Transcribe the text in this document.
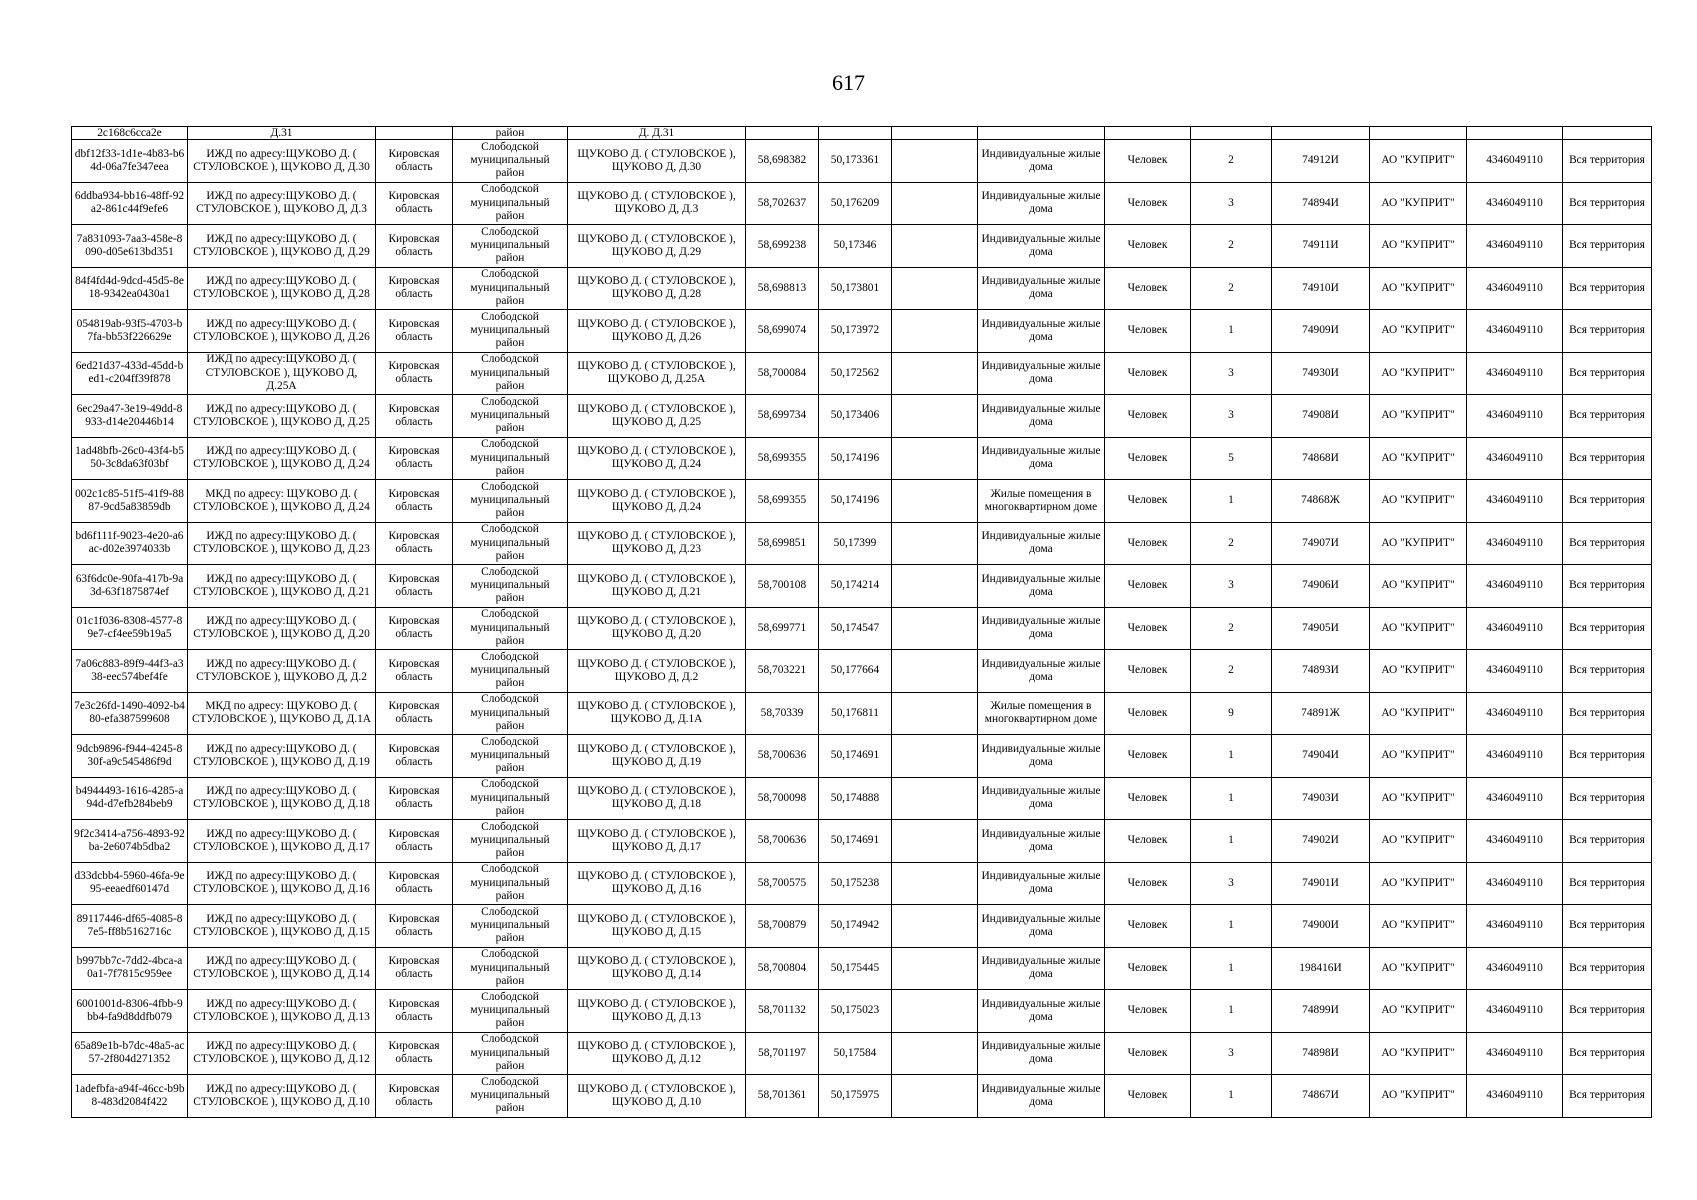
617
2c168c6cca2e	Д.31		район	Д. Д.31										
dbf12f33-1d1e-4b83-b64d-06a7fe347eea	ИЖД по адресу:ЩУКОВО Д. ( СТУЛОВСКОЕ ), ЩУКОВО Д, Д.30	Кировская область	Слободской муниципальный район	ЩУКОВО Д. ( СТУЛОВСКОЕ ), ЩУКОВО Д, Д.30	58,698382	50,173361		Индивидуальные жилые дома	Человек	2	74912И	АО "КУПРИТ"	4346049110	Вся территория
6ddba934-bb16-48ff-92a2-861c44f9efe6	ИЖД по адресу:ЩУКОВО Д. ( СТУЛОВСКОЕ ), ЩУКОВО Д, Д.3	Кировская область	Слободской муниципальный район	ЩУКОВО Д. ( СТУЛОВСКОЕ ), ЩУКОВО Д, Д.3	58,702637	50,176209		Индивидуальные жилые дома	Человек	3	74894И	АО "КУПРИТ"	4346049110	Вся территория
7a831093-7aa3-458e-8090-d05e613bd351	ИЖД по адресу:ЩУКОВО Д. ( СТУЛОВСКОЕ ), ЩУКОВО Д, Д.29	Кировская область	Слободской муниципальный район	ЩУКОВО Д. ( СТУЛОВСКОЕ ), ЩУКОВО Д, Д.29	58,699238	50,17346		Индивидуальные жилые дома	Человек	2	74911И	АО "КУПРИТ"	4346049110	Вся территория
84f4fd4d-9dcd-45d5-8e18-9342ea0430a1	ИЖД по адресу:ЩУКОВО Д. ( СТУЛОВСКОЕ ), ЩУКОВО Д, Д.28	Кировская область	Слободской муниципальный район	ЩУКОВО Д. ( СТУЛОВСКОЕ ), ЩУКОВО Д, Д.28	58,698813	50,173801		Индивидуальные жилые дома	Человек	2	74910И	АО "КУПРИТ"	4346049110	Вся территория
054819ab-93f5-4703-b7fa-bb53f226629e	ИЖД по адресу:ЩУКОВО Д. ( СТУЛОВСКОЕ ), ЩУКОВО Д, Д.26	Кировская область	Слободской муниципальный район	ЩУКОВО Д. ( СТУЛОВСКОЕ ), ЩУКОВО Д, Д.26	58,699074	50,173972		Индивидуальные жилые дома	Человек	1	74909И	АО "КУПРИТ"	4346049110	Вся территория
6ed21d37-433d-45dd-bed1-c204ff39f878	ИЖД по адресу:ЩУКОВО Д. ( СТУЛОВСКОЕ ), ЩУКОВО Д, Д.25А	Кировская область	Слободской муниципальный район	ЩУКОВО Д. ( СТУЛОВСКОЕ ), ЩУКОВО Д, Д.25А	58,700084	50,172562		Индивидуальные жилые дома	Человек	3	74930И	АО "КУПРИТ"	4346049110	Вся территория
6ec29a47-3e19-49dd-8933-d14e20446b14	ИЖД по адресу:ЩУКОВО Д. ( СТУЛОВСКОЕ ), ЩУКОВО Д, Д.25	Кировская область	Слободской муниципальный район	ЩУКОВО Д. ( СТУЛОВСКОЕ ), ЩУКОВО Д, Д.25	58,699734	50,173406		Индивидуальные жилые дома	Человек	3	74908И	АО "КУПРИТ"	4346049110	Вся территория
1ad48bfb-26c0-43f4-b550-3c8da63f03bf	ИЖД по адресу:ЩУКОВО Д. ( СТУЛОВСКОЕ ), ЩУКОВО Д, Д.24	Кировская область	Слободской муниципальный район	ЩУКОВО Д. ( СТУЛОВСКОЕ ), ЩУКОВО Д, Д.24	58,699355	50,174196		Индивидуальные жилые дома	Человек	5	74868И	АО "КУПРИТ"	4346049110	Вся территория
002c1c85-51f5-41f9-8887-9cd5a83859db	МКД по адресу: ЩУКОВО Д. ( СТУЛОВСКОЕ ), ЩУКОВО Д, Д.24	Кировская область	Слободской муниципальный район	ЩУКОВО Д. ( СТУЛОВСКОЕ ), ЩУКОВО Д, Д.24	58,699355	50,174196		Жилые помещения в многоквартирном доме	Человек	1	74868Ж	АО "КУПРИТ"	4346049110	Вся территория
bd6f111f-9023-4e20-a6ac-d02e3974033b	ИЖД по адресу:ЩУКОВО Д. ( СТУЛОВСКОЕ ), ЩУКОВО Д, Д.23	Кировская область	Слободской муниципальный район	ЩУКОВО Д. ( СТУЛОВСКОЕ ), ЩУКОВО Д, Д.23	58,699851	50,17399		Индивидуальные жилые дома	Человек	2	74907И	АО "КУПРИТ"	4346049110	Вся территория
63f6dc0e-90fa-417b-9a3d-63f1875874ef	ИЖД по адресу:ЩУКОВО Д. ( СТУЛОВСКОЕ ), ЩУКОВО Д, Д.21	Кировская область	Слободской муниципальный район	ЩУКОВО Д. ( СТУЛОВСКОЕ ), ЩУКОВО Д, Д.21	58,700108	50,174214		Индивидуальные жилые дома	Человек	3	74906И	АО "КУПРИТ"	4346049110	Вся территория
01c1f036-8308-4577-89e7-cf4ee59b19a5	ИЖД по адресу:ЩУКОВО Д. ( СТУЛОВСКОЕ ), ЩУКОВО Д, Д.20	Кировская область	Слободской муниципальный район	ЩУКОВО Д. ( СТУЛОВСКОЕ ), ЩУКОВО Д, Д.20	58,699771	50,174547		Индивидуальные жилые дома	Человек	2	74905И	АО "КУПРИТ"	4346049110	Вся территория
7a06c883-89f9-44f3-a338-eec574bef4fe	ИЖД по адресу:ЩУКОВО Д. ( СТУЛОВСКОЕ ), ЩУКОВО Д, Д.2	Кировская область	Слободской муниципальный район	ЩУКОВО Д. ( СТУЛОВСКОЕ ), ЩУКОВО Д, Д.2	58,703221	50,177664		Индивидуальные жилые дома	Человек	2	74893И	АО "КУПРИТ"	4346049110	Вся территория
7e3c26fd-1490-4092-b480-efa387599608	МКД по адресу: ЩУКОВО Д. ( СТУЛОВСКОЕ ), ЩУКОВО Д, Д.1А	Кировская область	Слободской муниципальный район	ЩУКОВО Д. ( СТУЛОВСКОЕ ), ЩУКОВО Д, Д.1А	58,70339	50,176811		Жилые помещения в многоквартирном доме	Человек	9	74891Ж	АО "КУПРИТ"	4346049110	Вся территория
9dcb9896-f944-4245-830f-a9c545486f9d	ИЖД по адресу:ЩУКОВО Д. ( СТУЛОВСКОЕ ), ЩУКОВО Д, Д.19	Кировская область	Слободской муниципальный район	ЩУКОВО Д. ( СТУЛОВСКОЕ ), ЩУКОВО Д, Д.19	58,700636	50,174691		Индивидуальные жилые дома	Человек	1	74904И	АО "КУПРИТ"	4346049110	Вся территория
b4944493-1616-4285-a94d-d7efb284beb9	ИЖД по адресу:ЩУКОВО Д. ( СТУЛОВСКОЕ ), ЩУКОВО Д, Д.18	Кировская область	Слободской муниципальный район	ЩУКОВО Д. ( СТУЛОВСКОЕ ), ЩУКОВО Д, Д.18	58,700098	50,174888		Индивидуальные жилые дома	Человек	1	74903И	АО "КУПРИТ"	4346049110	Вся территория
9f2c3414-a756-4893-92ba-2e6074b5dba2	ИЖД по адресу:ЩУКОВО Д. ( СТУЛОВСКОЕ ), ЩУКОВО Д, Д.17	Кировская область	Слободской муниципальный район	ЩУКОВО Д. ( СТУЛОВСКОЕ ), ЩУКОВО Д, Д.17	58,700636	50,174691		Индивидуальные жилые дома	Человек	1	74902И	АО "КУПРИТ"	4346049110	Вся территория
d33dcbb4-5960-46fa-9e95-eeaedf60147d	ИЖД по адресу:ЩУКОВО Д. ( СТУЛОВСКОЕ ), ЩУКОВО Д, Д.16	Кировская область	Слободской муниципальный район	ЩУКОВО Д. ( СТУЛОВСКОЕ ), ЩУКОВО Д, Д.16	58,700575	50,175238		Индивидуальные жилые дома	Человек	3	74901И	АО "КУПРИТ"	4346049110	Вся территория
89117446-df65-4085-87e5-ff8b5162716c	ИЖД по адресу:ЩУКОВО Д. ( СТУЛОВСКОЕ ), ЩУКОВО Д, Д.15	Кировская область	Слободской муниципальный район	ЩУКОВО Д. ( СТУЛОВСКОЕ ), ЩУКОВО Д, Д.15	58,700879	50,174942		Индивидуальные жилые дома	Человек	1	74900И	АО "КУПРИТ"	4346049110	Вся территория
b997bb7c-7dd2-4bca-a0a1-7f7815c959ee	ИЖД по адресу:ЩУКОВО Д. ( СТУЛОВСКОЕ ), ЩУКОВО Д, Д.14	Кировская область	Слободской муниципальный район	ЩУКОВО Д. ( СТУЛОВСКОЕ ), ЩУКОВО Д, Д.14	58,700804	50,175445		Индивидуальные жилые дома	Человек	1	198416И	АО "КУПРИТ"	4346049110	Вся территория
6001001d-8306-4fbb-9bb4-fa9d8ddfb079	ИЖД по адресу:ЩУКОВО Д. ( СТУЛОВСКОЕ ), ЩУКОВО Д, Д.13	Кировская область	Слободской муниципальный район	ЩУКОВО Д. ( СТУЛОВСКОЕ ), ЩУКОВО Д, Д.13	58,701132	50,175023		Индивидуальные жилые дома	Человек	1	74899И	АО "КУПРИТ"	4346049110	Вся территория
65a89e1b-b7dc-48a5-ac57-2f804d271352	ИЖД по адресу:ЩУКОВО Д. ( СТУЛОВСКОЕ ), ЩУКОВО Д, Д.12	Кировская область	Слободской муниципальный район	ЩУКОВО Д. ( СТУЛОВСКОЕ ), ЩУКОВО Д, Д.12	58,701197	50,17584		Индивидуальные жилые дома	Человек	3	74898И	АО "КУПРИТ"	4346049110	Вся территория
1adefbfa-a94f-46cc-b9b8-483d2084f422	ИЖД по адресу:ЩУКОВО Д. ( СТУЛОВСКОЕ ), ЩУКОВО Д, Д.10	Кировская область	Слободской муниципальный район	ЩУКОВО Д. ( СТУЛОВСКОЕ ), ЩУКОВО Д, Д.10	58,701361	50,175975		Индивидуальные жилые дома	Человек	1	74867И	АО "КУПРИТ"	4346049110	Вся территория
